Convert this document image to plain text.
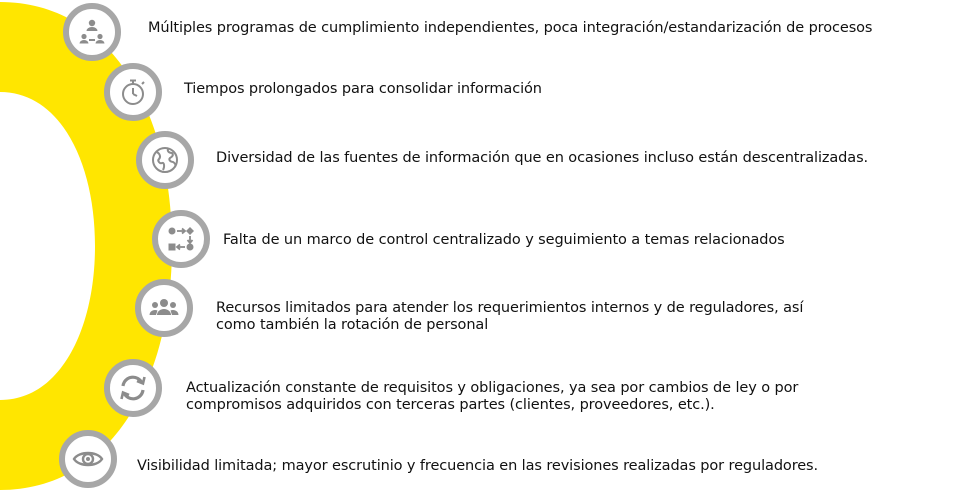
Múltiples programas de cumplimiento independientes, poca integración/estandarización de procesos
Tiempos prolongados para consolidar información
Diversidad de las fuentes de información que en ocasiones incluso están descentralizadas.
Falta de un marco de control centralizado y seguimiento a temas relacionados
Recursos limitados para atender los requerimientos internos y de reguladores, así
como también la rotación de personal
Actualización constante de requisitos y obligaciones, ya sea por cambios de ley o por
compromisos adquiridos con terceras partes (clientes, proveedores, etc.).
Visibilidad limitada; mayor escrutinio y frecuencia en las revisiones realizadas por reguladores.
